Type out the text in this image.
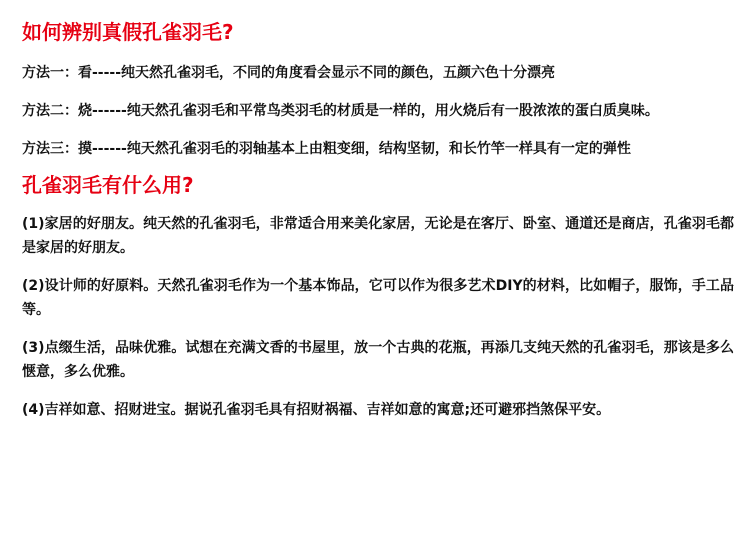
如何辨别真假孔雀羽毛?

方法一：看-----纯天然孔雀羽毛，不同的角度看会显示不同的颜色，五颜六色十分漂亮

方法二：烧------纯天然孔雀羽毛和平常鸟类羽毛的材质是一样的，用火烧后有一股浓浓的蛋白质臭味。

方法三：摸------纯天然孔雀羽毛的羽轴基本上由粗变细，结构坚韧，和长竹竿一样具有一定的弹性

孔雀羽毛有什么用?

(1)家居的好朋友。纯天然的孔雀羽毛，非常适合用来美化家居，无论是在客厅、卧室、通道还是商店，孔雀羽毛都是家居的好朋友。

(2)设计师的好原料。天然孔雀羽毛作为一个基本饰品，它可以作为很多艺术DIY的材料，比如帽子，服饰，手工品等。

(3)点缀生活，品味优雅。试想在充满文香的书屋里，放一个古典的花瓶，再添几支纯天然的孔雀羽毛，那该是多么惬意，多么优雅。

(4)吉祥如意、招财进宝。据说孔雀羽毛具有招财祸福、吉祥如意的寓意;还可避邪挡煞保平安。
